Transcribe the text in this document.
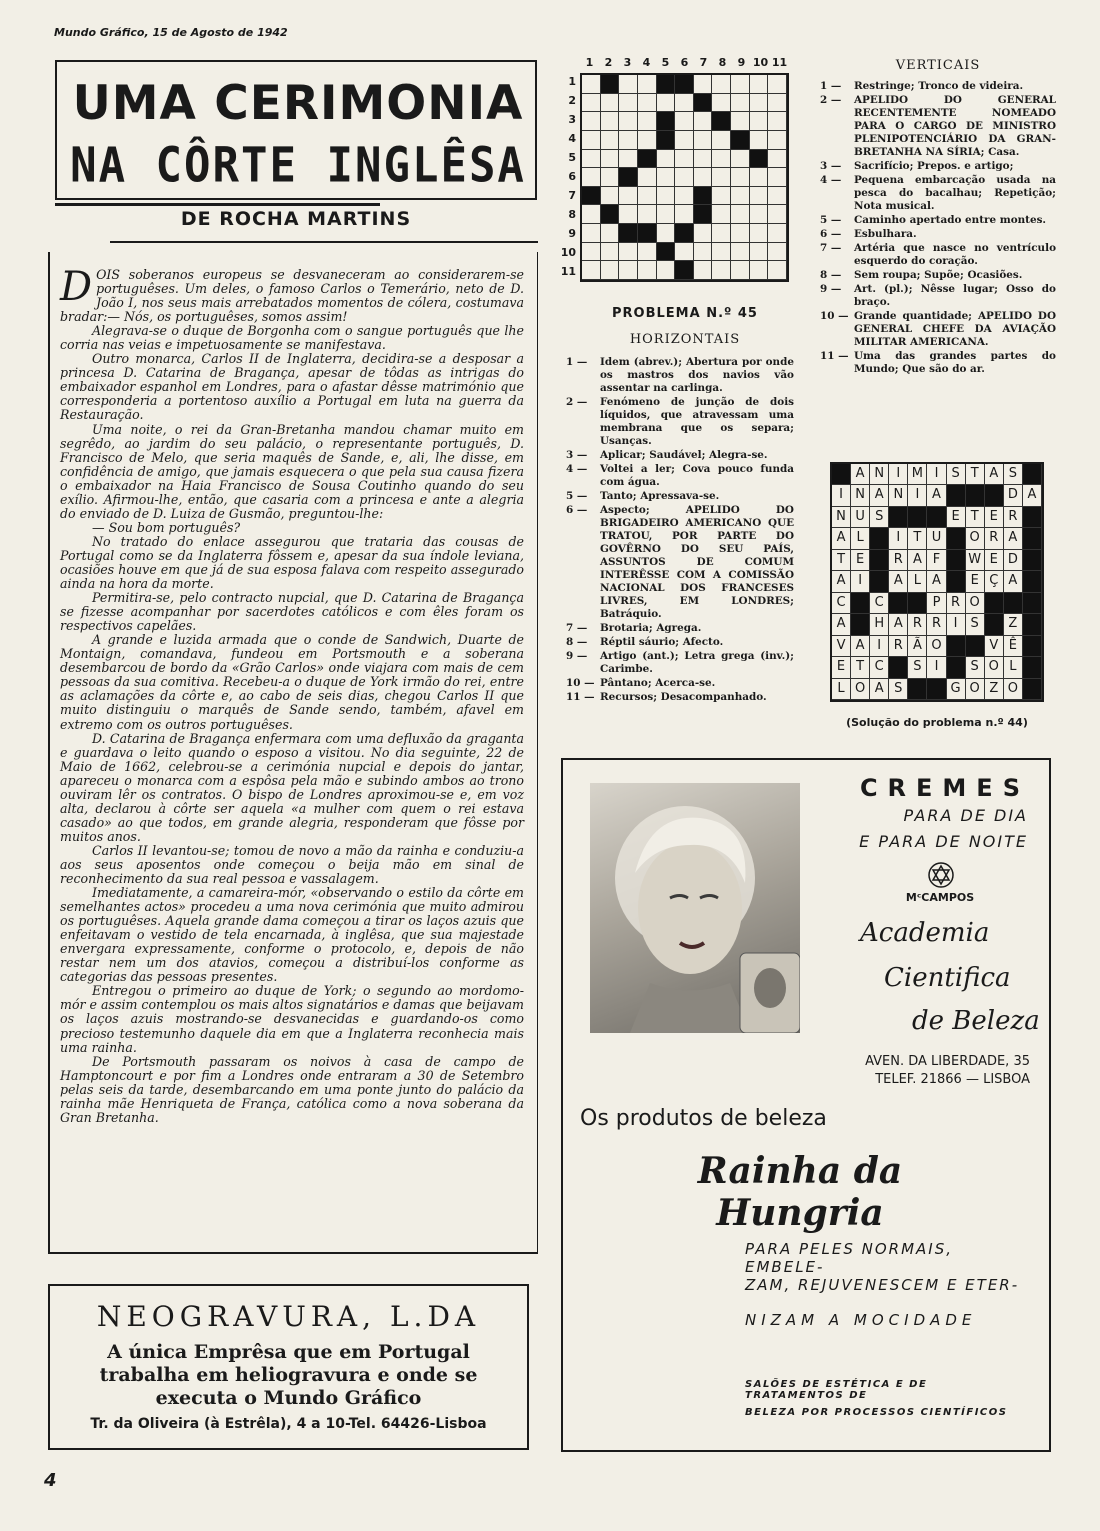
Mundo Gráfico, 15 de Agosto de 1942
UMA CERIMONIA
NA CÔRTE INGLÊSA
DE ROCHA MARTINS

DOIS soberanos europeus se desvaneceram ao considerarem-se portuguêses. Um deles, o famoso Carlos o Temerário, neto de D. João I, nos seus mais arrebatados momentos de cólera, costumava bradar:— Nós, os portuguêses, somos assim!

Alegrava-se o duque de Borgonha com o sangue português que lhe corria nas veias e impetuosamente se manifestava.

Outro monarca, Carlos II de Inglaterra, decidira-se a desposar a princesa D. Catarina de Bragança, apesar de tôdas as intrigas do embaixador espanhol em Londres, para o afastar dêsse matrimónio que corresponderia a portentoso auxílio a Portugal em luta na guerra da Restauração.

Uma noite, o rei da Gran-Bretanha mandou chamar muito em segrêdo, ao jardim do seu palácio, o representante português, D. Francisco de Melo, que seria maquês de Sande, e, ali, lhe disse, em confidência de amigo, que jamais esquecera o que pela sua causa fizera o embaixador na Haia Francisco de Sousa Coutinho quando do seu exílio. Afirmou-lhe, então, que casaria com a princesa e ante a alegria do enviado de D. Luiza de Gusmão, preguntou-lhe:

— Sou bom português?

No tratado do enlace assegurou que trataria das cousas de Portugal como se da Inglaterra fôssem e, apesar da sua índole leviana, ocasiões houve em que já de sua esposa falava com respeito assegurado ainda na hora da morte.

Permitira-se, pelo contracto nupcial, que D. Catarina de Bragança se fizesse acompanhar por sacerdotes católicos e com êles foram os respectivos capelães.

A grande e luzida armada que o conde de Sandwich, Duarte de Montaign, comandava, fundeou em Portsmouth e a soberana desembarcou de bordo da «Grão Carlos» onde viajara com mais de cem pessoas da sua comitiva. Recebeu-a o duque de York irmão do rei, entre as aclamações da côrte e, ao cabo de seis dias, chegou Carlos II que muito distinguiu o marquês de Sande sendo, também, afavel em extremo com os outros portuguêses.

D. Catarina de Bragança enfermara com uma defluxão da graganta e guardava o leito quando o esposo a visitou. No dia seguinte, 22 de Maio de 1662, celebrou-se a cerimónia nupcial e depois do jantar, apareceu o monarca com a espôsa pela mão e subindo ambos ao trono ouviram lêr os contratos. O bispo de Londres aproximou-se e, em voz alta, declarou à côrte ser aquela «a mulher com quem o rei estava casado» ao que todos, em grande alegria, responderam que fôsse por muitos anos.

Carlos II levantou-se; tomou de novo a mão da rainha e conduziu-a aos seus aposentos onde começou o beija mão em sinal de reconhecimento da sua real pessoa e vassalagem.

Imediatamente, a camareira-mór, «observando o estilo da côrte em semelhantes actos» procedeu a uma nova cerimónia que muito admirou os portuguêses. Aquela grande dama começou a tirar os laços azuis que enfeitavam o vestido de tela encarnada, à inglêsa, que sua majestade envergara expressamente, conforme o protocolo, e, depois de não restar nem um dos atavios, começou a distribuí-los conforme as categorias das pessoas presentes.

Entregou o primeiro ao duque de York; o segundo ao mordomo-mór e assim contemplou os mais altos signatários e damas que beijavam os laços azuis mostrando-se desvanecidas e guardando-os como precioso testemunho daquele dia em que a Inglaterra reconhecia mais uma rainha.

De Portsmouth passaram os noivos à casa de campo de Hamptoncourt e por fim a Londres onde entraram a 30 de Setembro pelas seis da tarde, desembarcando em uma ponte junto do palácio da rainha mãe Henriqueta de França, católica como a nova soberana da Gran Bretanha.

NEOGRAVURA, L.DA
A única Emprêsa que em Portugal trabalha em heliogravura e onde se executa o Mundo Gráfico
Tr. da Oliveira (à Estrêla), 4 a 10-Tel. 64426-Lisboa
4
1	2	3	4	5	6	7	8	9 10 11
1
2
3
4
5
6
7
8
9
10
11
PROBLEMA N.º 45
HORIZONTAIS
1 —	Idem (abrev.); Abertura por onde os mastros dos navios vão assentar na carlinga.
2 —	Fenómeno de junção de dois líquidos, que atravessam uma membrana que os separa; Usanças.
3 —	Aplicar; Saudável; Alegra-se.
4 —	Voltei a ler; Cova pouco funda com água.
5 —	Tanto; Apressava-se.
6 —	Aspecto; APELIDO DO BRIGADEIRO AMERICANO QUE TRATOU, POR PARTE DO GOVÊRNO DO SEU PAÍS, ASSUNTOS DE COMUM INTERÊSSE COM A COMISSÃO NACIONAL DOS FRANCESES LIVRES, EM LONDRES; Batráquio.
7 —	Brotaria; Agrega.
8 —	Réptil sáurio; Afecto.
9 —	Artigo (ant.); Letra grega (inv.); Carimbe.
10 — Pântano; Acerca-se.
11 — Recursos; Desacompanhado.
VERTICAIS
1 —	Restringe; Tronco de videira.
2 —	APELIDO DO GENERAL RECENTEMENTE NOMEADO PARA O CARGO DE MINISTRO PLENIPOTENCIÁRIO DA GRAN-BRETANHA NA SÍRIA; Casa.
3 —	Sacrifício; Prepos. e artigo;
4 —	Pequena embarcação usada na pesca do bacalhau; Repetição; Nota musical.
5 —	Caminho apertado entre montes.
6 —	Esbulhara.
7 —	Artéria que nasce no ventrículo esquerdo do coração.
8 —	Sem roupa; Supõe; Ocasiões.
9 —	Art. (pl.); Nêsse lugar; Osso do braço.
10 — Grande quantidade; APELIDO DO GENERAL CHEFE DA AVIAÇÃO MILITAR AMERICANA.
11 — Uma das grandes partes do Mundo; Que são do ar.
A N I M I	S T A S
I N A N I A	D A
N U S	E T E R
A L	I	T U	O R A
T E	R A F	W E D
A I	A L A	E Ç A
C	C	P R O
A	H A R R I	S	Z
V A I R Ã O	V Ê
E T C	S	I	S O L
L O A S	G O Z O
(Solução do problema n.º 44)
CREMES
PARA DE DIA
E PARA DE NOITE
MᶜCAMPOS
Academia
Cientifica
de Beleza
AVEN. DA LIBERDADE, 35
TELEF. 21866 — LISBOA
Os produtos de beleza
Rainha da Hungria
PARA PELES NORMAIS, EMBELE-
ZAM, REJUVENESCEM E ETER-
NIZAM A MOCIDADE
SALÕES DE ESTÉTICA E DE TRATAMENTOS DE
BELEZA POR PROCESSOS CIENTÍFICOS
